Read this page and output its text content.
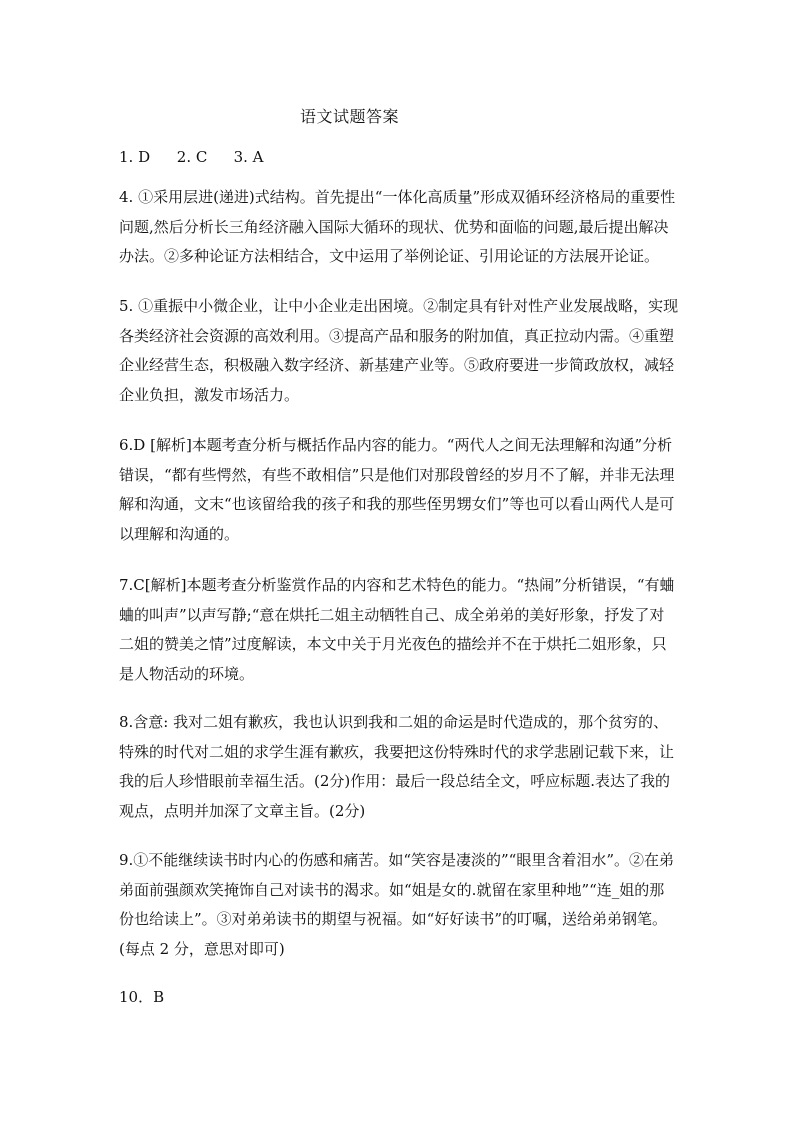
语文试题答案
1. D 2. C 3. A
4. ①采用层进(递进)式结构。首先提出“一体化高质量”形成双循环经济格局的重要性问题,然后分析长三角经济融入国际大循环的现状、优势和面临的问题,最后提出解决办法。②多种论证方法相结合，文中运用了举例论证、引用论证的方法展开论证。
5. ①重振中小微企业，让中小企业走出困境。②制定具有针对性产业发展战略，实现各类经济社会资源的高效利用。③提高产品和服务的附加值，真正拉动内需。④重塑企业经营生态，积极融入数字经济、新基建产业等。⑤政府要进一步简政放权，减轻企业负担，激发市场活力。
6.D [解析]本题考查分析与概括作品内容的能力。“两代人之间无法理解和沟通”分析错误，“都有些愕然，有些不敢相信”只是他们对那段曾经的岁月不了解，并非无法理解和沟通，文末“也该留给我的孩子和我的那些侄男甥女们”等也可以看山两代人是可以理解和沟通的。
7.C[解析]本题考查分析鉴赏作品的内容和艺术特色的能力。“热闹”分析错误，“有蛐蛐的叫声”以声写静;“意在烘托二姐主动牺牲自己、成全弟弟的美好形象，抒发了对二姐的赞美之情”过度解读，本文中关于月光夜色的描绘并不在于烘托二姐形象，只是人物活动的环境。
8.含意: 我对二姐有歉疚，我也认识到我和二姐的命运是时代造成的，那个贫穷的、特殊的时代对二姐的求学生涯有歉疚，我要把这份特殊时代的求学悲剧记载下来，让我的后人珍惜眼前幸福生活。(2分)作用：最后一段总结全文，呼应标题.表达了我的观点，点明并加深了文章主旨。(2分)
9.①不能继续读书时内心的伤感和痛苦。如“笑容是凄淡的”“眼里含着泪水”。②在弟弟面前强颜欢笑掩饰自己对读书的渴求。如“姐是女的.就留在家里种地”“连_姐的那份也给读上”。③对弟弟读书的期望与祝福。如“好好读书”的叮嘱，送给弟弟钢笔。(每点 2 分，意思对即可)
10．B
